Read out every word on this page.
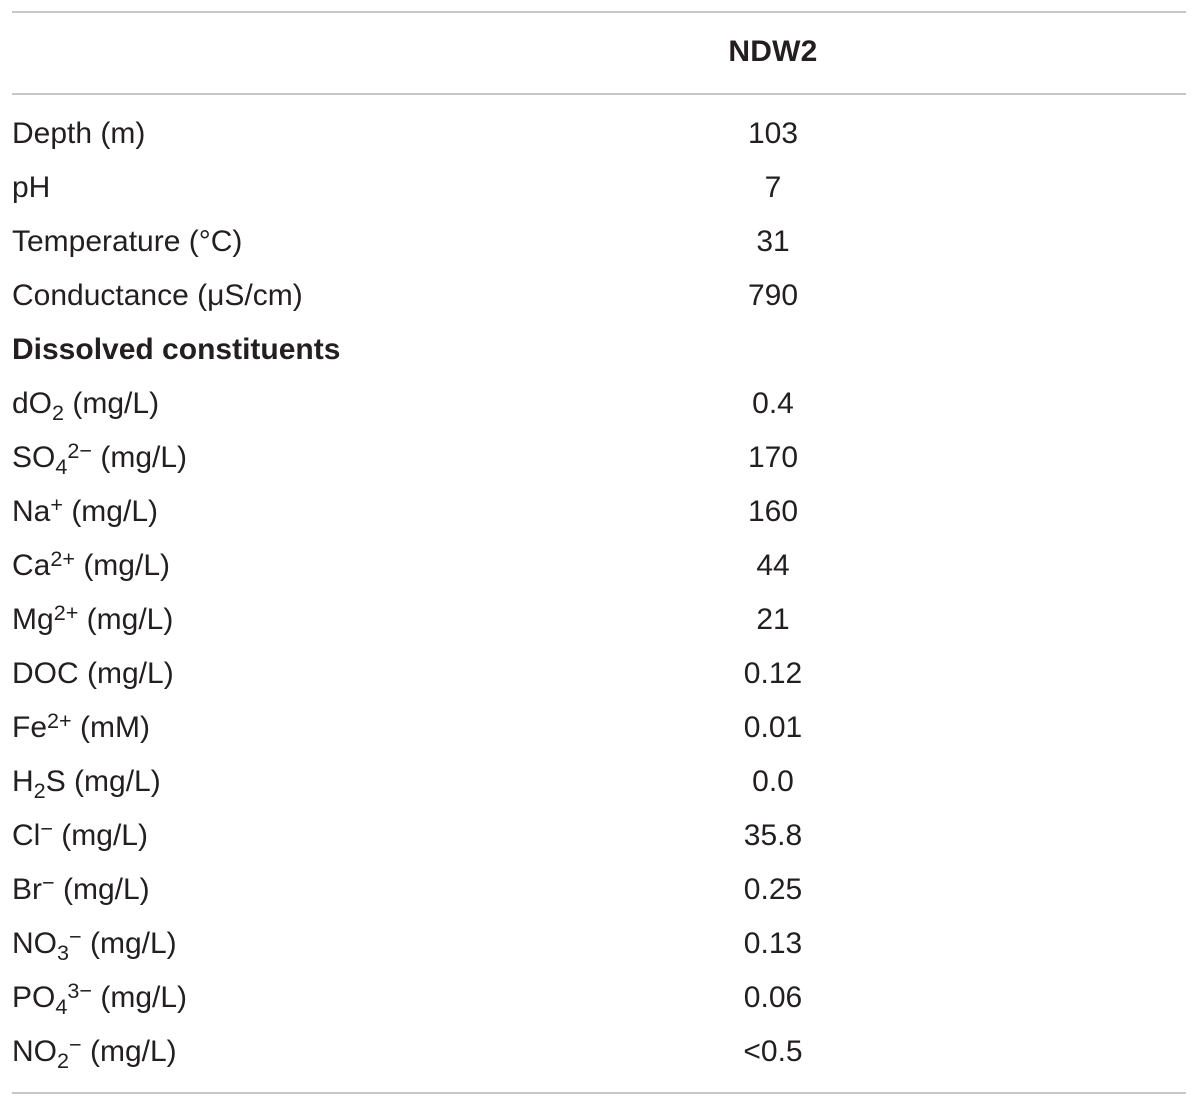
NDW2
Depth (m)	103
pH	7
Temperature (°C)	31
Conductance (μS/cm)	790
Dissolved constituents
$dO_2$ (mg/L)	0.4
$SO_4^{2-}$ (mg/L)	170
Na+ (mg/L)	160
$Ca^{2+}$ (mg/L)	44
$Mg^{2+}$ (mg/L)	21
DOC (mg/L)	0.12
$Fe^{2+}$ (mM)	0.01
$H_2S$ (mg/L)	0.0
Cl− (mg/L)	35.8
Br− (mg/L)	0.25
$NO_3^-$ (mg/L)	0.13
$PO_4^{3-}$ (mg/L)	0.06
$NO_2^-$ (mg/L)	<0.5
